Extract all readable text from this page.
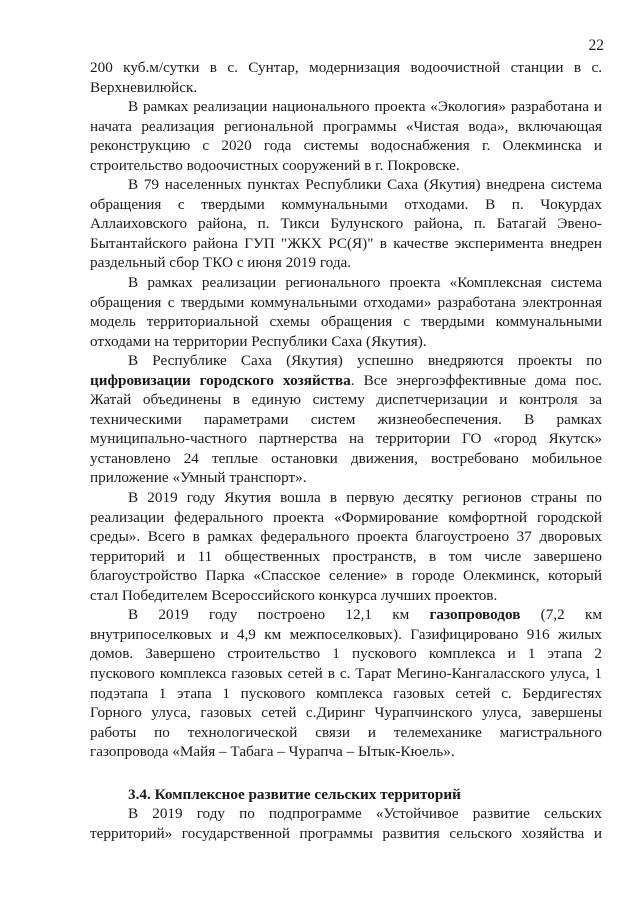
22
200 куб.м/сутки в с. Сунтар, модернизация водоочистной станции в с.
Верхневилюйск.
В рамках реализации национального проекта «Экология» разработана и
начата реализация региональной программы «Чистая вода», включающая
реконструкцию с 2020 года системы водоснабжения г. Олекминска и
строительство водоочистных сооружений в г. Покровске.
В 79 населенных пунктах Республики Саха (Якутия) внедрена система
обращения с твердыми коммунальными отходами. В п. Чокурдах
Аллаиховского района, п. Тикси Булунского района, п. Батагай Эвено-
Бытантайского района ГУП "ЖКХ РС(Я)" в качестве эксперимента внедрен
раздельный сбор ТКО с июня 2019 года.
В рамках реализации регионального проекта «Комплексная система
обращения с твердыми коммунальными отходами» разработана электронная
модель территориальной схемы обращения с твердыми коммунальными
отходами на территории Республики Саха (Якутия).
В Республике Саха (Якутия) успешно внедряются проекты по
цифровизации городского хозяйства. Все энергоэффективные дома пос.
Жатай объединены в единую систему диспетчеризации и контроля за
техническими параметрами систем жизнеобеспечения. В рамках
муниципально-частного партнерства на территории ГО «город Якутск»
установлено 24 теплые остановки движения, востребовано мобильное
приложение «Умный транспорт».
В 2019 году Якутия вошла в первую десятку регионов страны по
реализации федерального проекта «Формирование комфортной городской
среды». Всего в рамках федерального проекта благоустроено 37 дворовых
территорий и 11 общественных пространств, в том числе завершено
благоустройство Парка «Спасское селение» в городе Олекминск, который
стал Победителем Всероссийского конкурса лучших проектов.
В 2019 году построено 12,1 км газопроводов (7,2 км
внутрипоселковых и 4,9 км межпоселковых). Газифицировано 916 жилых
домов. Завершено строительство 1 пускового комплекса и 1 этапа 2
пускового комплекса газовых сетей в с. Тарат Мегино-Кангаласского улуса, 1
подэтапа 1 этапа 1 пускового комплекса газовых сетей с. Бердигестях
Горного улуса, газовых сетей с.Диринг Чурапчинского улуса, завершены
работы по технологической связи и телемеханике магистрального
газопровода «Майя – Табага – Чурапча – Ытык-Кюель».
3.4. Комплексное развитие сельских территорий
В 2019 году по подпрограмме «Устойчивое развитие сельских
территорий» государственной программы развития сельского хозяйства и
